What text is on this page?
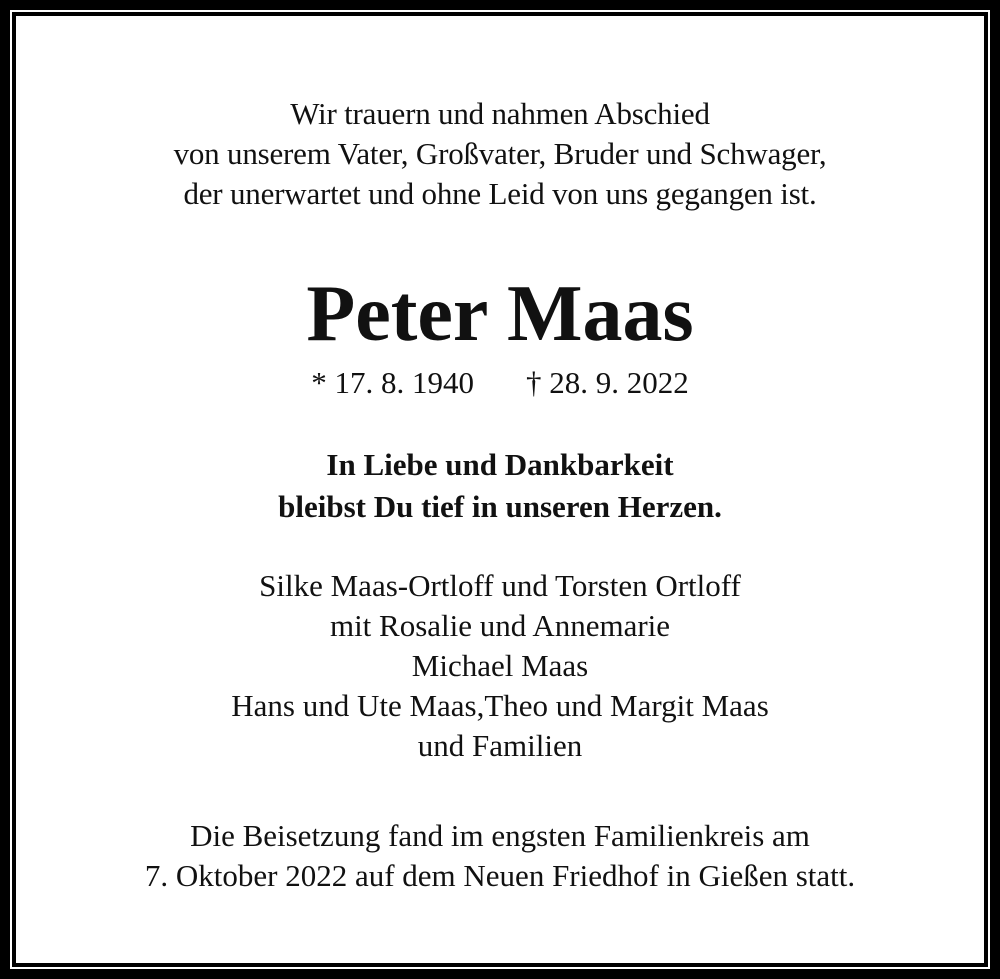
Wir trauern und nahmen Abschied
von unserem Vater, Großvater, Bruder und Schwager,
der unerwartet und ohne Leid von uns gegangen ist.
Peter Maas
* 17. 8. 1940 † 28. 9. 2022
In Liebe und Dankbarkeit
bleibst Du tief in unseren Herzen.
Silke Maas-Ortloff und Torsten Ortloff
mit Rosalie und Annemarie
Michael Maas
Hans und Ute Maas,Theo und Margit Maas
und Familien
Die Beisetzung fand im engsten Familienkreis am
7. Oktober 2022 auf dem Neuen Friedhof in Gießen statt.
